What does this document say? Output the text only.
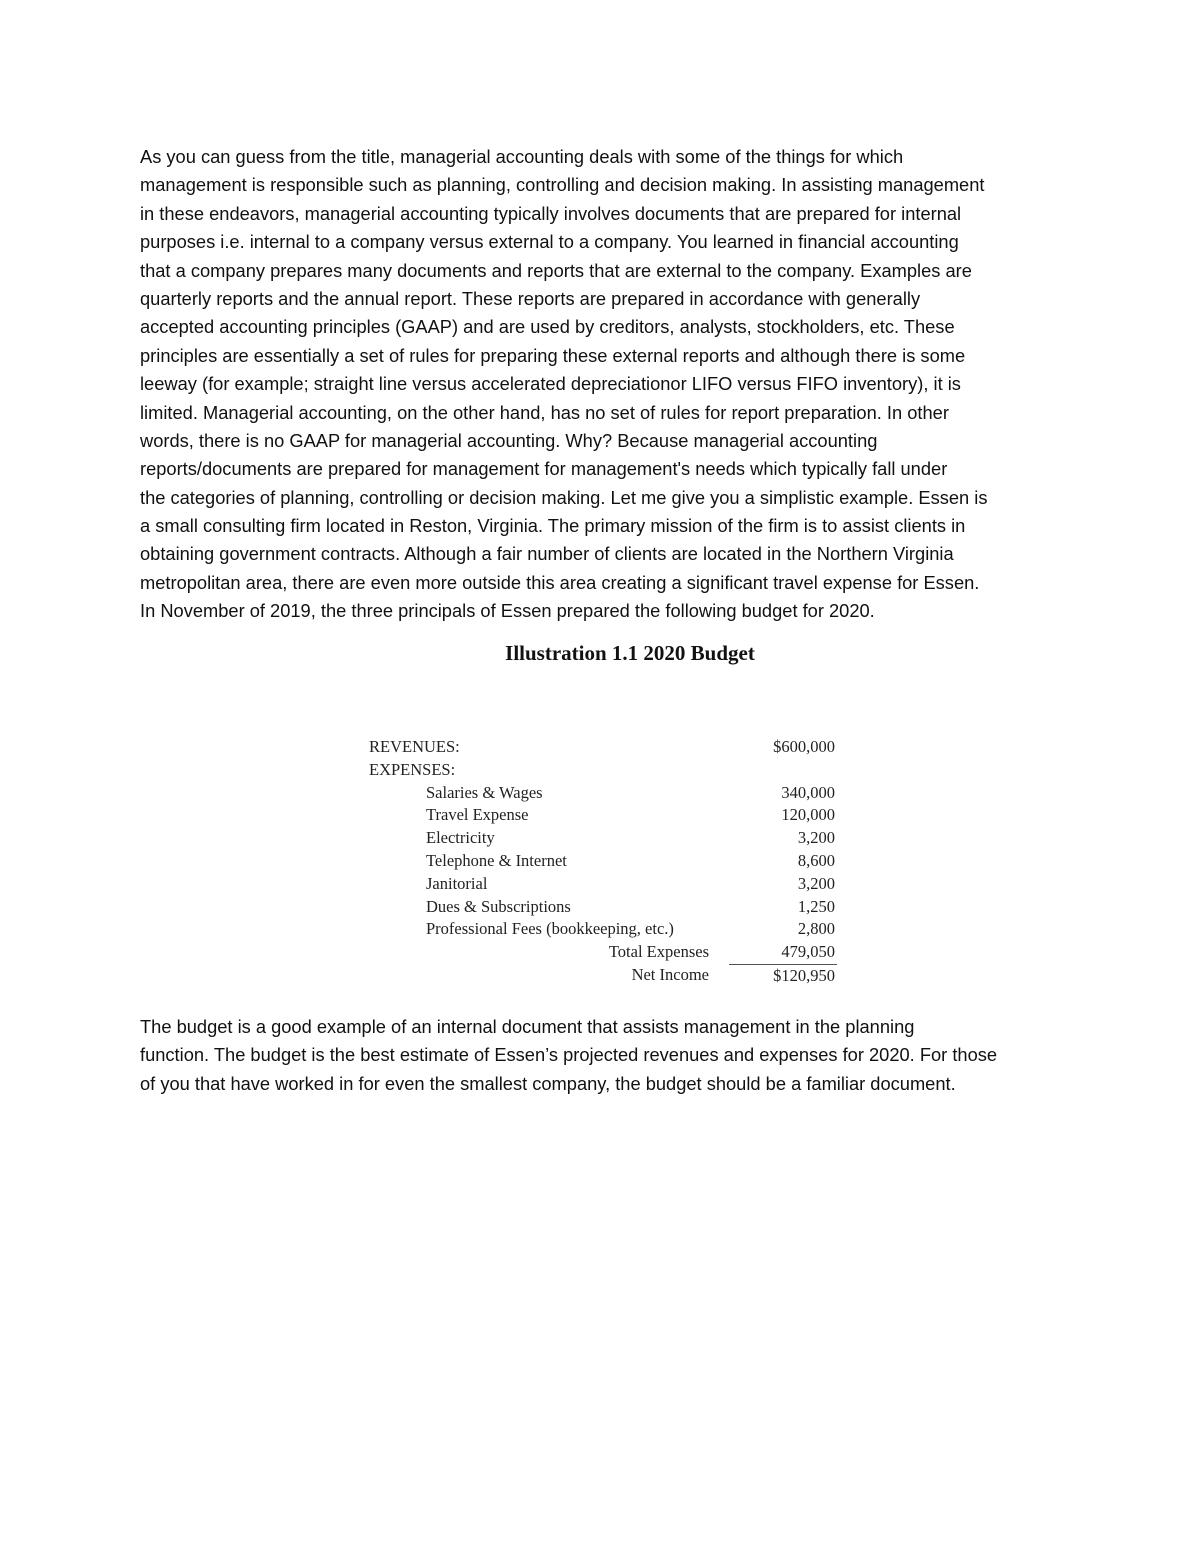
As you can guess from the title, managerial accounting deals with some of the things for which
management is responsible such as planning, controlling and decision making. In assisting management
in these endeavors, managerial accounting typically involves documents that are prepared for internal
purposes i.e. internal to a company versus external to a company. You learned in financial accounting
that a company prepares many documents and reports that are external to the company. Examples are
quarterly reports and the annual report. These reports are prepared in accordance with generally
accepted accounting principles (GAAP) and are used by creditors, analysts, stockholders, etc. These
principles are essentially a set of rules for preparing these external reports and although there is some
leeway (for example; straight line versus accelerated depreciationor LIFO versus FIFO inventory), it is
limited. Managerial accounting, on the other hand, has no set of rules for report preparation. In other
words, there is no GAAP for managerial accounting. Why? Because managerial accounting
reports/documents are prepared for management for management's needs which typically fall under
the categories of planning, controlling or decision making. Let me give you a simplistic example. Essen is
a small consulting firm located in Reston, Virginia. The primary mission of the firm is to assist clients in
obtaining government contracts. Although a fair number of clients are located in the Northern Virginia
metropolitan area, there are even more outside this area creating a significant travel expense for Essen.
In November of 2019, the three principals of Essen prepared the following budget for 2020.
Illustration 1.1 2020 Budget
REVENUES:	$600,000
EXPENSES:
Salaries & Wages	340,000
Travel Expense	120,000
Electricity	3,200
Telephone & Internet	8,600
Janitorial	3,200
Dues & Subscriptions	1,250
Professional Fees (bookkeeping, etc.)	2,800
Total Expenses	479,050
Net Income	$120,950
The budget is a good example of an internal document that assists management in the planning
function. The budget is the best estimate of Essen’s projected revenues and expenses for 2020. For those
of you that have worked in for even the smallest company, the budget should be a familiar document.
